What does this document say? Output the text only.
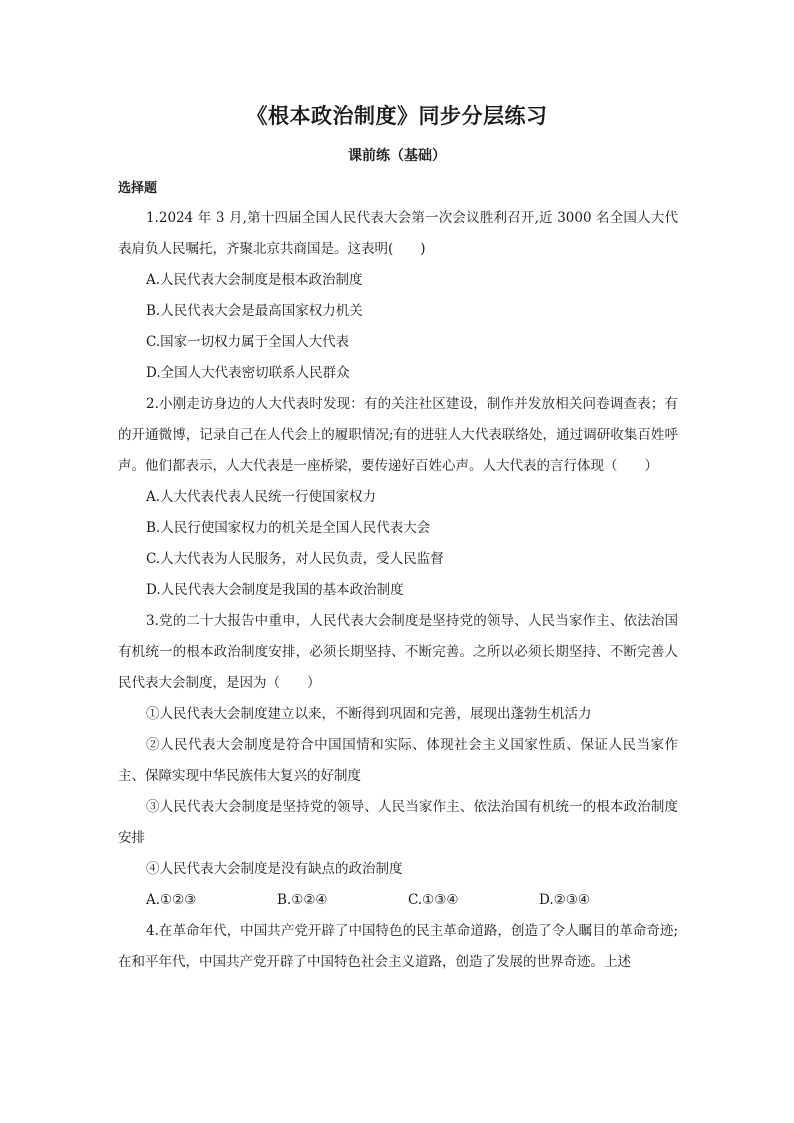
《根本政治制度》同步分层练习
课前练（基础）
选择题

1.2024 年 3 月,第十四届全国人民代表大会第一次会议胜利召开,近 3000 名全国人大代表肩负人民嘱托，齐聚北京共商国是。这表明(　　)

A.人民代表大会制度是根本政治制度

B.人民代表大会是最高国家权力机关

C.国家一切权力属于全国人大代表

D.全国人大代表密切联系人民群众

2.小刚走访身边的人大代表时发现：有的关注社区建设，制作并发放相关问卷调查表；有的开通微博，记录自己在人代会上的履职情况;有的进驻人大代表联络处，通过调研收集百姓呼声。他们都表示，人大代表是一座桥梁，要传递好百姓心声。人大代表的言行体现（　　）

A.人大代表代表人民统一行使国家权力

B.人民行使国家权力的机关是全国人民代表大会

C.人大代表为人民服务，对人民负责，受人民监督

D.人民代表大会制度是我国的基本政治制度

3.党的二十大报告中重申，人民代表大会制度是坚持党的领导、人民当家作主、依法治国有机统一的根本政治制度安排，必须长期坚持、不断完善。之所以必须长期坚持、不断完善人民代表大会制度，是因为（　　）

①人民代表大会制度建立以来，不断得到巩固和完善，展现出蓬勃生机活力

②人民代表大会制度是符合中国国情和实际、体现社会主义国家性质、保证人民当家作主、保障实现中华民族伟大复兴的好制度

③人民代表大会制度是坚持党的领导、人民当家作主、依法治国有机统一的根本政治制度安排

④人民代表大会制度是没有缺点的政治制度

A.①②③	B.①②④	C.①③④	D.②③④

4.在革命年代，中国共产党开辟了中国特色的民主革命道路，创造了令人瞩目的革命奇迹;在和平年代，中国共产党开辟了中国特色社会主义道路，创造了发展的世界奇迹。上述
